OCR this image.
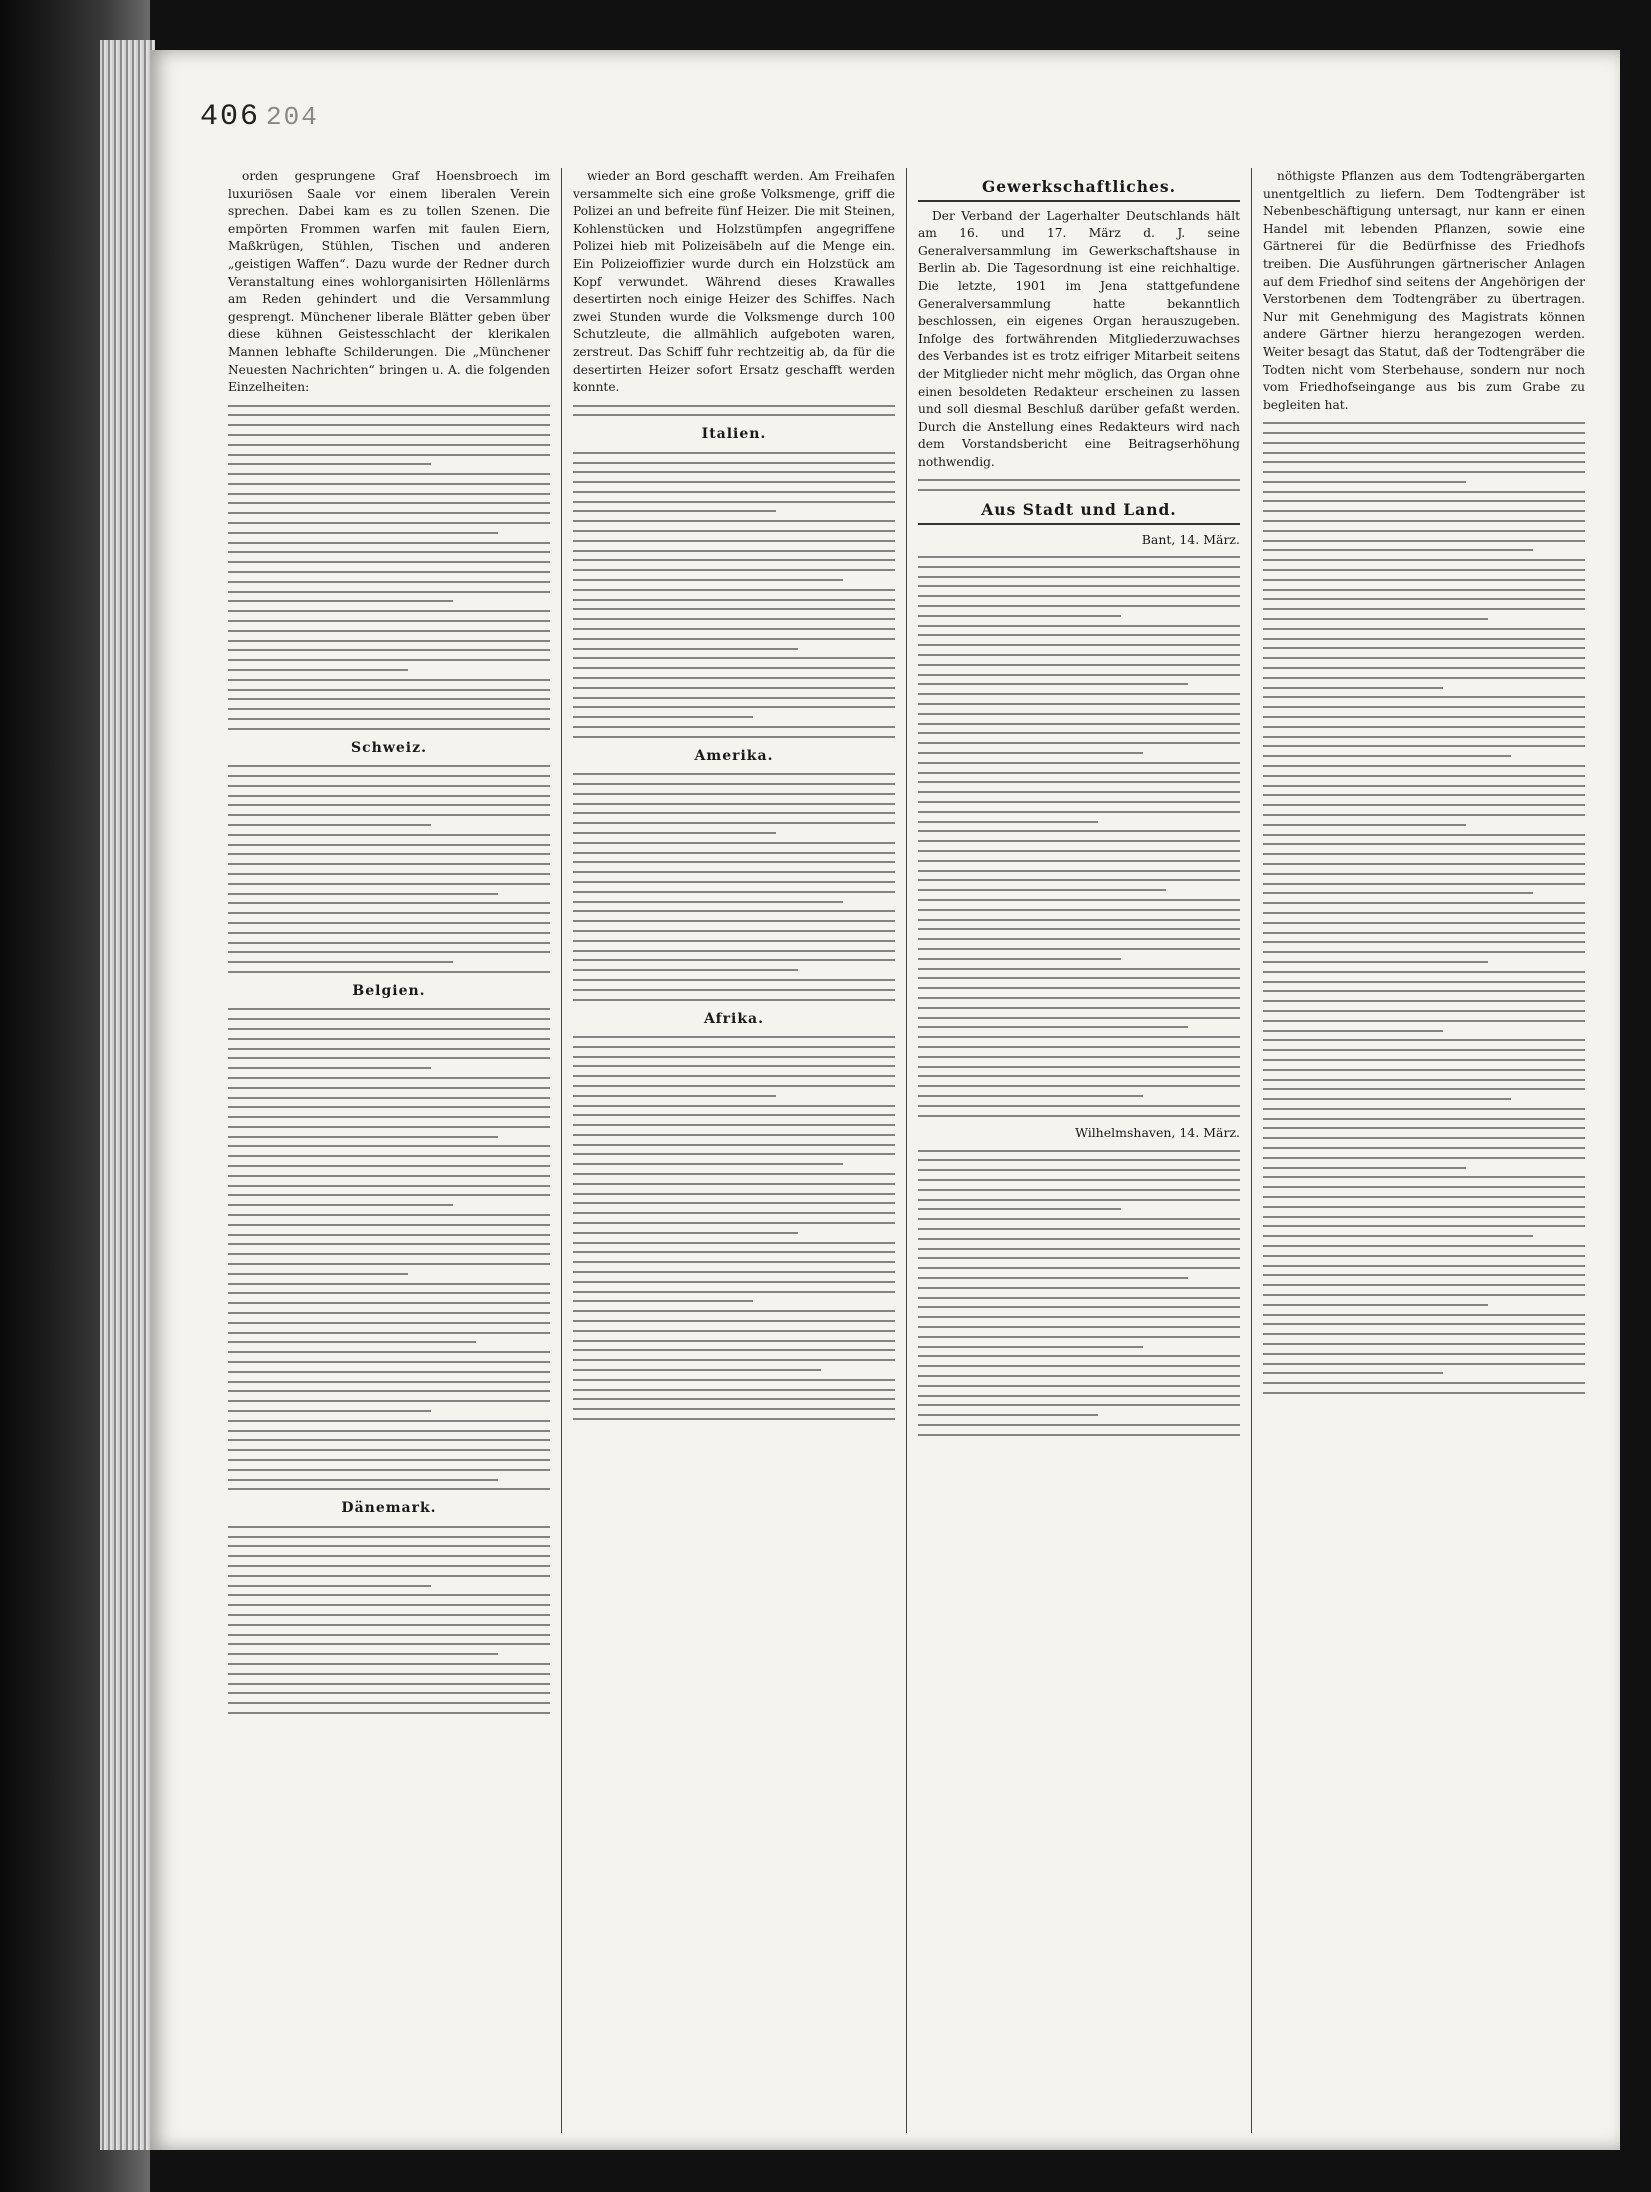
406 204

orden gesprungene Graf Hoensbroech im luxuriösen Saale vor einem liberalen Verein sprechen. Dabei kam es zu tollen Szenen. Die empörten Frommen warfen mit faulen Eiern, Maßkrügen, Stühlen, Tischen und anderen „geistigen Waffen“. Dazu wurde der Redner durch Veranstaltung eines wohlorganisirten Höllenlärms am Reden gehindert und die Versammlung gesprengt. Münchener liberale Blätter geben über diese kühnen Geistesschlacht der klerikalen Mannen lebhafte Schilderungen. Die „Münchener Neuesten Nachrichten“ bringen u. A. die folgenden Einzelheiten:

Schweiz.
Belgien.
Dänemark.

wieder an Bord geschafft werden. Am Freihafen versammelte sich eine große Volksmenge, griff die Polizei an und befreite fünf Heizer. Die mit Steinen, Kohlenstücken und Holzstümpfen angegriffene Polizei hieb mit Polizeisäbeln auf die Menge ein. Ein Polizeioffizier wurde durch ein Holzstück am Kopf verwundet. Während dieses Krawalles desertirten noch einige Heizer des Schiffes. Nach zwei Stunden wurde die Volksmenge durch 100 Schutzleute, die allmählich aufgeboten waren, zerstreut. Das Schiff fuhr rechtzeitig ab, da für die desertirten Heizer sofort Ersatz geschafft werden konnte.

Italien.
Amerika.
Afrika.
Gewerkschaftliches.

Der Verband der Lagerhalter Deutschlands hält am 16. und 17. März d. J. seine Generalversammlung im Gewerkschaftshause in Berlin ab. Die Tagesordnung ist eine reichhaltige. Die letzte, 1901 im Jena stattgefundene Generalversammlung hatte bekanntlich beschlossen, ein eigenes Organ herauszugeben. Infolge des fortwährenden Mitgliederzuwachses des Verbandes ist es trotz eifriger Mitarbeit seitens der Mitglieder nicht mehr möglich, das Organ ohne einen besoldeten Redakteur erscheinen zu lassen und soll diesmal Beschluß darüber gefaßt werden. Durch die Anstellung eines Redakteurs wird nach dem Vorstandsbericht eine Beitragserhöhung nothwendig.

Aus Stadt und Land.
Bant, 14. März.
Wilhelmshaven, 14. März.

nöthigste Pflanzen aus dem Todtengräbergarten unentgeltlich zu liefern. Dem Todtengräber ist Nebenbeschäftigung untersagt, nur kann er einen Handel mit lebenden Pflanzen, sowie eine Gärtnerei für die Bedürfnisse des Friedhofs treiben. Die Ausführungen gärtnerischer Anlagen auf dem Friedhof sind seitens der Angehörigen der Verstorbenen dem Todtengräber zu übertragen. Nur mit Genehmigung des Magistrats können andere Gärtner hierzu herangezogen werden. Weiter besagt das Statut, daß der Todtengräber die Todten nicht vom Sterbehause, sondern nur noch vom Friedhofseingange aus bis zum Grabe zu begleiten hat.
